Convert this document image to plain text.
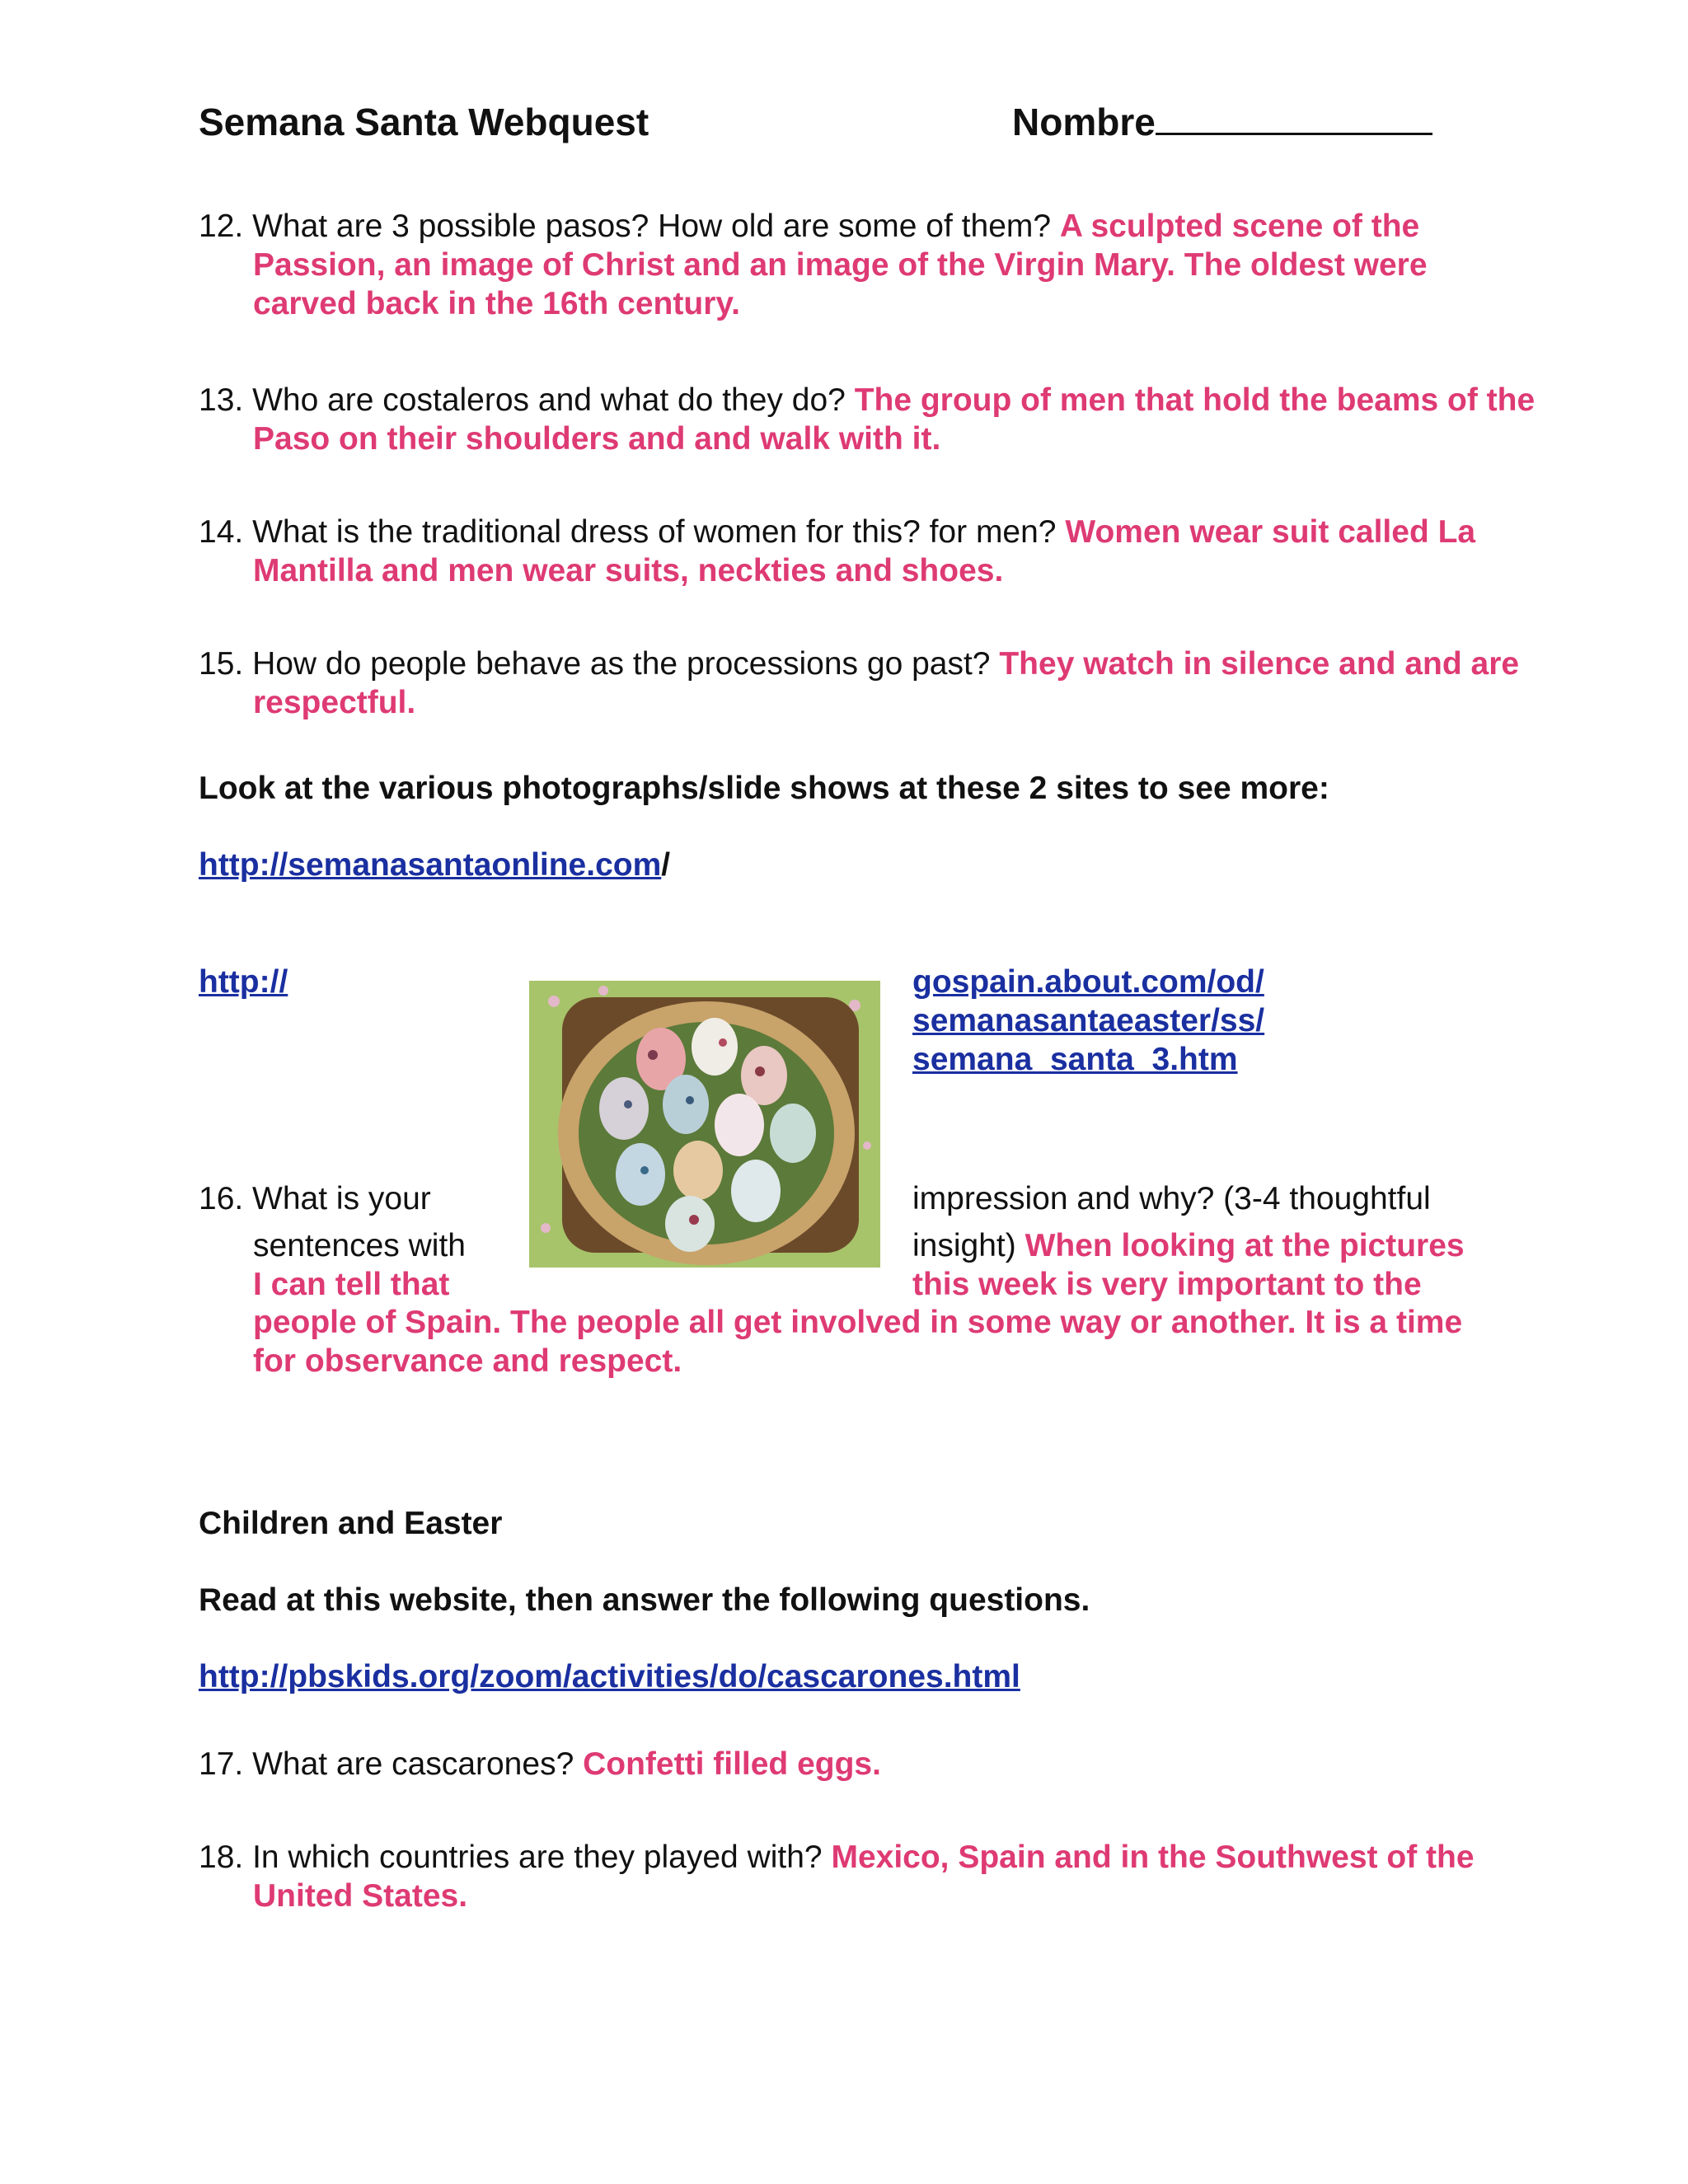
Semana Santa Webquest	Nombre
12. What are 3 possible pasos? How old are some of them? A sculpted scene of the Passion, an image of Christ and an image of the Virgin Mary. The oldest were carved back in the 16th century.
13. Who are costaleros and what do they do? The group of men that hold the beams of the Paso on their shoulders and and walk with it.
14. What is the traditional dress of women for this? for men? Women wear suit called La Mantilla and men wear suits, neckties and shoes.
15. How do people behave as the processions go past? They watch in silence and and are respectful.
Look at the various photographs/slide shows at these 2 sites to see more:
http://semanasantaonline.com/
http://	gospain.about.com/od/
semanasantaeaster/ss/
semana_santa_3.htm
16. What is your	impression and why? (3-4 thoughtful
sentences with	insight) When looking at the pictures
I can tell that	this week is very important to the
people of Spain. The people all get involved in some way or another. It is a time for observance and respect.
Children and Easter
Read at this website, then answer the following questions.
http://pbskids.org/zoom/activities/do/cascarones.html
17. What are cascarones? Confetti filled eggs.
18. In which countries are they played with? Mexico, Spain and in the Southwest of the United States.
